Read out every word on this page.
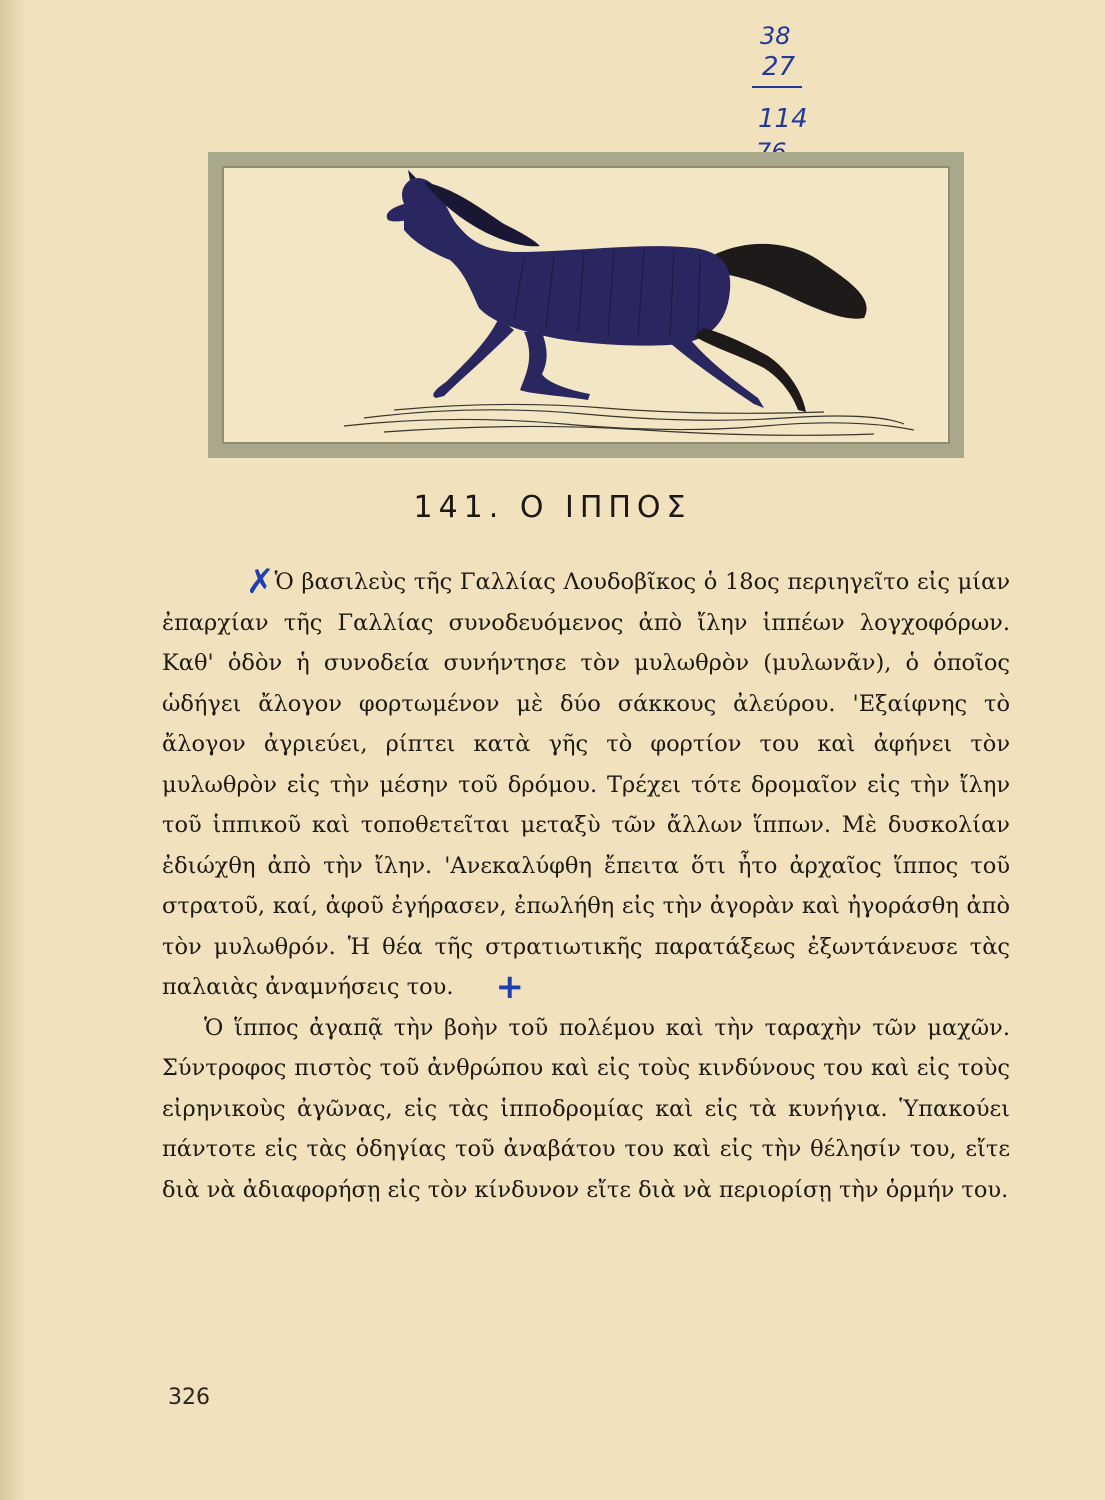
38
27
114
141. Ο ΙΠΠΟΣ

✗Ὁ βασιλεὺς τῆς Γαλλίας Λουδοβῖκος ὁ 18ος περιηγεῖτο εἰς μίαν ἐπαρχίαν τῆς Γαλλίας συνοδευόμενος ἀπὸ ἴλην ἱππέων λογχοφόρων. Καθ' ὁδὸν ἡ συνοδεία συνήντησε τὸν μυλωθρὸν (μυλωνᾶν), ὁ ὁποῖος ὡδήγει ἄλογον φορτωμένον μὲ δύο σάκκους ἀλεύρου. 'Εξαίφνης τὸ ἄλογον ἀγριεύει, ρίπτει κατὰ γῆς τὸ φορτίον του καὶ ἀφήνει τὸν μυλωθρὸν εἰς τὴν μέσην τοῦ δρόμου. Τρέχει τότε δρομαῖον εἰς τὴν ἴλην τοῦ ἱππικοῦ καὶ τοποθετεῖται μεταξὺ τῶν ἄλλων ἵππων. Μὲ δυσκολίαν ἐδιώχθη ἀπὸ τὴν ἴλην. 'Ανεκαλύφθη ἔπειτα ὅτι ἦτο ἀρχαῖος ἵππος τοῦ στρατοῦ, καί, ἀφοῦ ἐγήρασεν, ἐπωλήθη εἰς τὴν ἀγορὰν καὶ ἠγοράσθη ἀπὸ τὸν μυλωθρόν. Ἡ θέα τῆς στρατιωτικῆς παρατάξεως ἐξωντάνευσε τὰς παλαιὰς ἀναμνήσεις του.+

Ὁ ἵππος ἀγαπᾷ τὴν βοὴν τοῦ πολέμου καὶ τὴν ταραχὴν τῶν μαχῶν. Σύντροφος πιστὸς τοῦ ἀνθρώπου καὶ εἰς τοὺς κινδύνους του καὶ εἰς τοὺς εἰρηνικοὺς ἀγῶνας, εἰς τὰς ἱπποδρομίας καὶ εἰς τὰ κυνήγια. Ὑπακούει πάντοτε εἰς τὰς ὁδηγίας τοῦ ἀναβάτου του καὶ εἰς τὴν θέλησίν του, εἴτε διὰ νὰ ἀδιαφορήσῃ εἰς τὸν κίνδυνον εἴτε διὰ νὰ περιορίσῃ τὴν ὁρμήν του.

326
